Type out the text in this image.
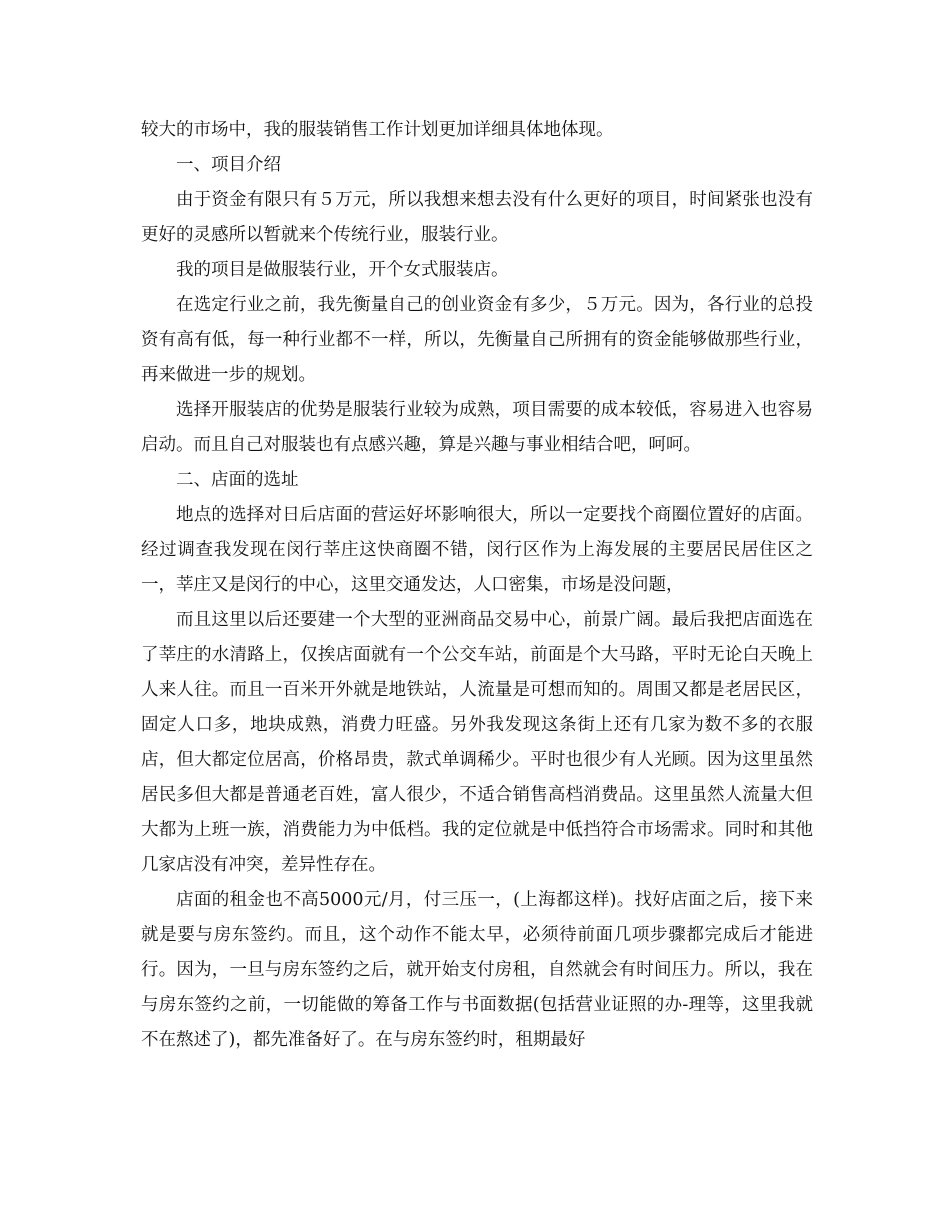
较大的市场中，我的服装销售工作计划更加详细具体地体现。

一、项目介绍

由于资金有限只有５万元，所以我想来想去没有什么更好的项目，时间紧张也没有更好的灵感所以暂就来个传统行业，服装行业。

我的项目是做服装行业，开个女式服装店。

在选定行业之前，我先衡量自己的创业资金有多少，５万元。因为，各行业的总投资有高有低，每一种行业都不一样，所以，先衡量自己所拥有的资金能够做那些行业，再来做进一步的规划。

选择开服装店的优势是服装行业较为成熟，项目需要的成本较低，容易进入也容易启动。而且自己对服装也有点感兴趣，算是兴趣与事业相结合吧，呵呵。

二、店面的选址

地点的选择对日后店面的营运好坏影响很大，所以一定要找个商圈位置好的店面。经过调查我发现在闵行莘庄这快商圈不错，闵行区作为上海发展的主要居民居住区之一，莘庄又是闵行的中心，这里交通发达，人口密集，市场是没问题，

而且这里以后还要建一个大型的亚洲商品交易中心，前景广阔。最后我把店面选在了莘庄的水清路上，仅挨店面就有一个公交车站，前面是个大马路，平时无论白天晚上人来人往。而且一百米开外就是地铁站，人流量是可想而知的。周围又都是老居民区，固定人口多，地块成熟，消费力旺盛。另外我发现这条街上还有几家为数不多的衣服店，但大都定位居高，价格昂贵，款式单调稀少。平时也很少有人光顾。因为这里虽然居民多但大都是普通老百姓，富人很少，不适合销售高档消费品。这里虽然人流量大但大都为上班一族，消费能力为中低档。我的定位就是中低挡符合市场需求。同时和其他几家店没有冲突，差异性存在。

店面的租金也不高5000元/月，付三压一，(上海都这样)。找好店面之后，接下来就是要与房东签约。而且，这个动作不能太早，必须待前面几项步骤都完成后才能进行。因为，一旦与房东签约之后，就开始支付房租，自然就会有时间压力。所以，我在与房东签约之前，一切能做的筹备工作与书面数据(包括营业证照的办-理等，这里我就不在熬述了)，都先准备好了。在与房东签约时，租期最好
